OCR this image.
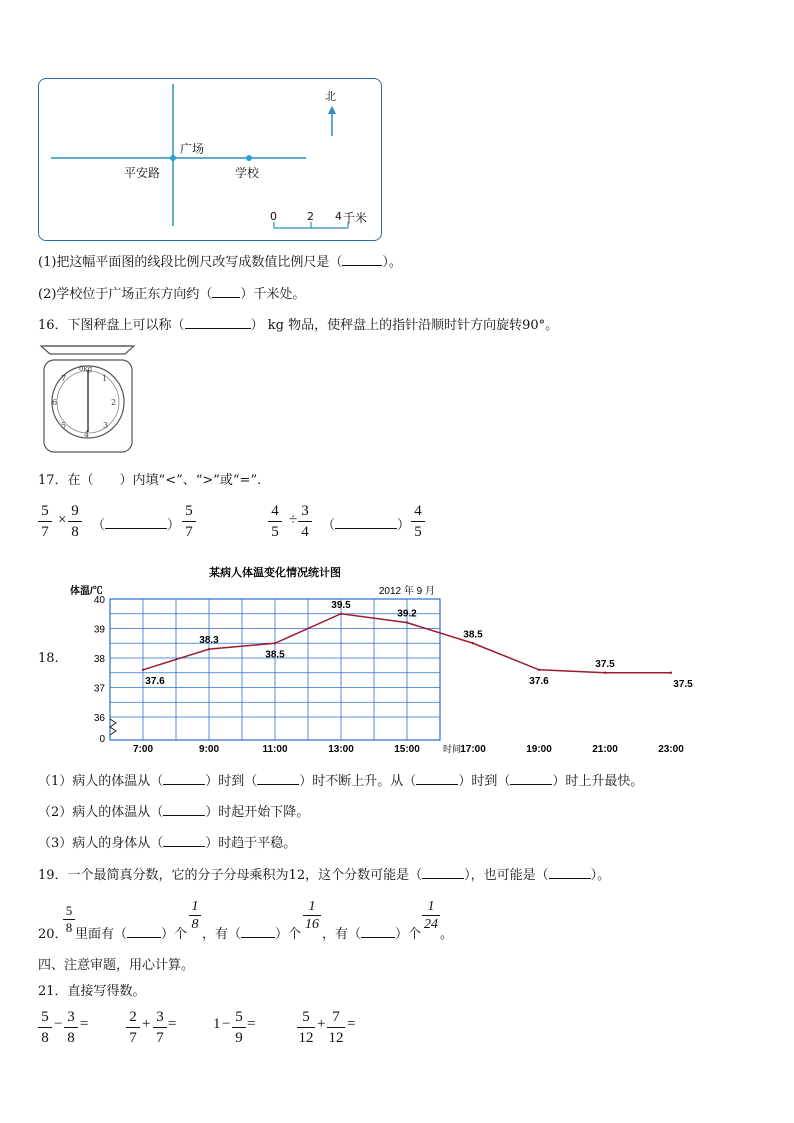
北
广场
平安路	学校
0	2 4 千米
(1)把这幅平面图的线段比例尺改写成数值比例尺是（	）。
(2)学校位于广场正东方向约（ ）千米处。
16．下图秤盘上可以称（	） kg 物品，使秤盘上的指针沿顺时针方向旋转90°。
0kg
1
2
3
4
5
6
7
17．在（　　）内填“<”、“>”或“=”.
5
7
×
9
8 （	）
5
7
4
5
÷
3
4 （	）
4
5
18.
某病人体温变化情况统计图
2012 年 9 月
体温/℃
40
39
38
37
36
0
7:00	9:00	11:00	13:00	15:00	17:00	19:00	21:00	23:00
时间
37.6
38.3
38.5
39.5
39.2
38.5
37.6
37.5
37.5
（1）病人的体温从（	）时到（	）时不断上升。从（	）时到（	）时上升最快。
（2）病人的体温从（	）时起开始下降。
（3）病人的身体从（	）时趋于平稳。
19．一个最简真分数，它的分子分母乘积为12，这个分数可能是（	），也可能是（	）。
5
8
20． 里面有（	）个
1
8
，有（	）个
1
16
，有（	）个
1
24
。
四、注意审题，用心计算。
21．直接写得数。
5
8
− 3
8
=	2
7
+ 3
7
= 1 − 5
9
=	5
12
+ 7
12
=
